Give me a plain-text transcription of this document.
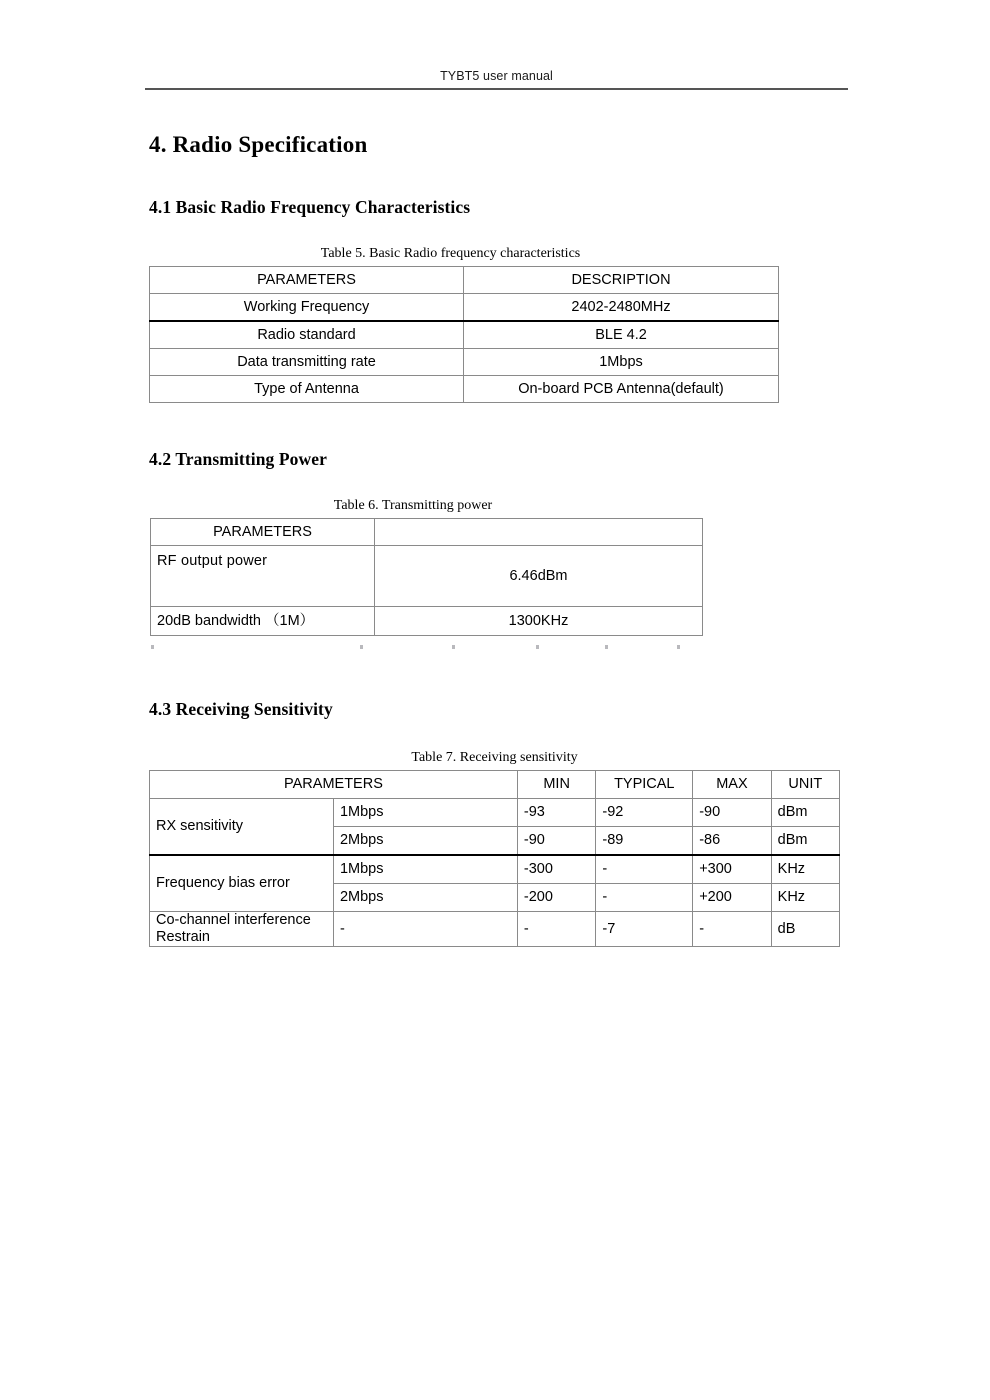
TYBT5 user manual
4. Radio Specification
4.1 Basic Radio Frequency Characteristics
Table 5. Basic Radio frequency characteristics
PARAMETERS	DESCRIPTION
Working Frequency	2402-2480MHz
Radio standard	BLE 4.2
Data transmitting rate	1Mbps
Type of Antenna	On-board PCB Antenna(default)
4.2 Transmitting Power
Table 6. Transmitting power
PARAMETERS	
RF output power	6.46dBm
20dB bandwidth （1M）	1300KHz
4.3 Receiving Sensitivity
Table 7. Receiving sensitivity
PARAMETERS		MIN	TYPICAL	MAX	UNIT
RX sensitivity	1Mbps	-93	-92	-90	dBm
	2Mbps	-90	-89	-86	dBm
Frequency bias error	1Mbps	-300	-	+300	KHz
	2Mbps	-200	-	+200	KHz
Co-channel interference Restrain	-	-	-7	-	dB
